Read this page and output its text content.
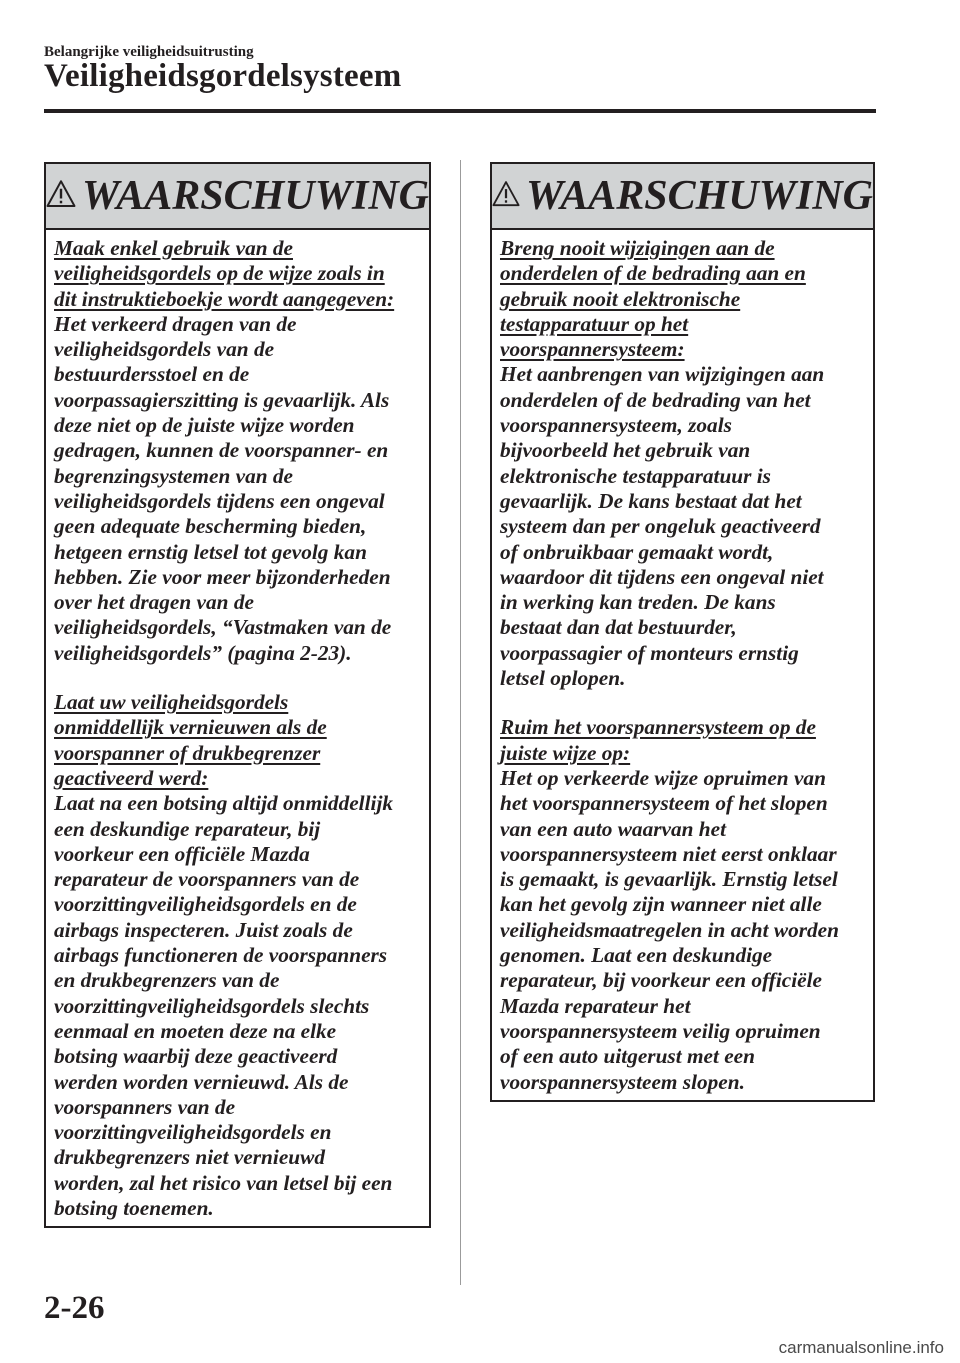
Belangrijke veiligheidsuitrusting
Veiligheidsgordelsysteem
WAARSCHUWING

Maak enkel gebruik van de

veiligheidsgordels op de wijze zoals in

dit instruktieboekje wordt aangegeven:

Het verkeerd dragen van de

veiligheidsgordels van de

bestuurdersstoel en de

voorpassagierszitting is gevaarlijk. Als

deze niet op de juiste wijze worden

gedragen, kunnen de voorspanner- en

begrenzingsystemen van de

veiligheidsgordels tijdens een ongeval

geen adequate bescherming bieden,

hetgeen ernstig letsel tot gevolg kan

hebben. Zie voor meer bijzonderheden

over het dragen van de

veiligheidsgordels, “Vastmaken van de

veiligheidsgordels” (pagina 2-23).

Laat uw veiligheidsgordels

onmiddellijk vernieuwen als de

voorspanner of drukbegrenzer

geactiveerd werd:

Laat na een botsing altijd onmiddellijk

een deskundige reparateur, bij

voorkeur een officiële Mazda

reparateur de voorspanners van de

voorzittingveiligheidsgordels en de

airbags inspecteren. Juist zoals de

airbags functioneren de voorspanners

en drukbegrenzers van de

voorzittingveiligheidsgordels slechts

eenmaal en moeten deze na elke

botsing waarbij deze geactiveerd

werden worden vernieuwd. Als de

voorspanners van de

voorzittingveiligheidsgordels en

drukbegrenzers niet vernieuwd

worden, zal het risico van letsel bij een

botsing toenemen.

WAARSCHUWING

Breng nooit wijzigingen aan de

onderdelen of de bedrading aan en

gebruik nooit elektronische

testapparatuur op het

voorspannersysteem:

Het aanbrengen van wijzigingen aan

onderdelen of de bedrading van het

voorspannersysteem, zoals

bijvoorbeeld het gebruik van

elektronische testapparatuur is

gevaarlijk. De kans bestaat dat het

systeem dan per ongeluk geactiveerd

of onbruikbaar gemaakt wordt,

waardoor dit tijdens een ongeval niet

in werking kan treden. De kans

bestaat dan dat bestuurder,

voorpassagier of monteurs ernstig

letsel oplopen.

Ruim het voorspannersysteem op de

juiste wijze op:

Het op verkeerde wijze opruimen van

het voorspannersysteem of het slopen

van een auto waarvan het

voorspannersysteem niet eerst onklaar

is gemaakt, is gevaarlijk. Ernstig letsel

kan het gevolg zijn wanneer niet alle

veiligheidsmaatregelen in acht worden

genomen. Laat een deskundige

reparateur, bij voorkeur een officiële

Mazda reparateur het

voorspannersysteem veilig opruimen

of een auto uitgerust met een

voorspannersysteem slopen.

2-26
carmanualsonline.info
